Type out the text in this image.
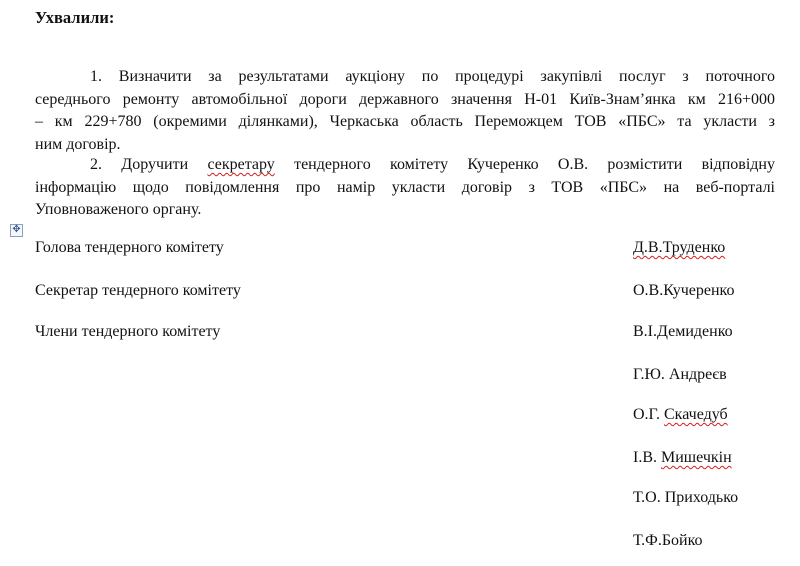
Ухвалили:
1. Визначити за результатами аукціону по процедурі закупівлі послуг з поточного
середнього ремонту автомобільної дороги державного значення Н-01 Київ-Знам’янка км 216+000
– км 229+780 (окремими ділянками), Черкаська область Переможцем ТОВ «ПБС» та укласти з
ним договір.
2. Доручити секретару тендерного комітету Кучеренко О.В. розмістити відповідну
інформацію щодо повідомлення про намір укласти договір з ТОВ «ПБС» на веб-порталі
Уповноваженого органу.
✥
Голова тендерного комітету
Секретар тендерного комітету
Члени тендерного комітету
Д.В.Труденко
О.В.Кучеренко
В.І.Демиденко
Г.Ю. Андреєв
О.Г. Скачедуб
І.В. Мишечкін
Т.О. Приходько
Т.Ф.Бойко
